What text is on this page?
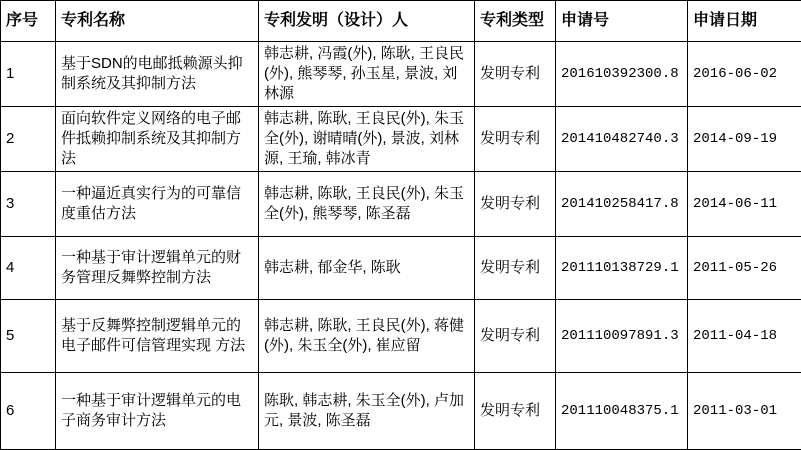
序号	专利名称	专利发明（设计）人	专利类型	申请号	申请日期
1	基于SDN的电邮抵赖源头抑制系统及其抑制方法	韩志耕, 冯霞(外), 陈耿, 王良民(外), 熊琴琴, 孙玉星, 景波, 刘林源	发明专利	201610392300.8	2016-06-02
2	面向软件定义网络的电子邮件抵赖抑制系统及其抑制方法	韩志耕, 陈耿, 王良民(外), 朱玉全(外), 谢晴晴(外), 景波, 刘林源, 王瑜, 韩冰青	发明专利	201410482740.3	2014-09-19
3	一种逼近真实行为的可靠信度重估方法	韩志耕, 陈耿, 王良民(外), 朱玉全(外), 熊琴琴, 陈圣磊	发明专利	201410258417.8	2014-06-11
4	一种基于审计逻辑单元的财务管理反舞弊控制方法	韩志耕, 郁金华, 陈耿	发明专利	201110138729.1	2011-05-26
5	基于反舞弊控制逻辑单元的电子邮件可信管理实现 方法	韩志耕, 陈耿, 王良民(外), 蒋健(外), 朱玉全(外), 崔应留	发明专利	201110097891.3	2011-04-18
6	一种基于审计逻辑单元的电子商务审计方法	陈耿, 韩志耕, 朱玉全(外), 卢加元, 景波, 陈圣磊	发明专利	201110048375.1	2011-03-01
